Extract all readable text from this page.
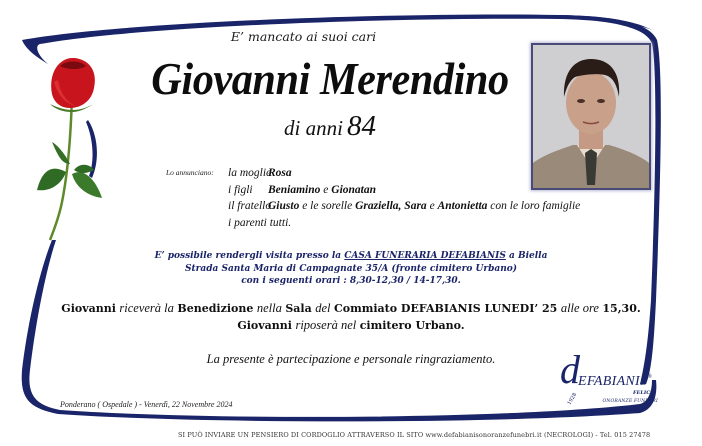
E’ mancato ai suoi cari
Giovanni Merendino
di anni 84
Lo annunciano:	la moglie
Rosa
i figli	Beniamino
e
Gionatan
il fratello
Giusto
e le sorelle
Graziella, Sara
e
Antonietta
con le loro famiglie
i parenti tutti.
E’ possibile rendergli visita presso la CASA FUNERARIA DEFABIANIS a Biella
Strada Santa Maria di Campagnate 35/A (fronte cimitero Urbano)
con i seguenti orari : 8,30-12,30 / 14-17,30.
Giovanni riceverà la Benedizione nella Sala del Commiato DEFABIANIS LUNEDI’ 25 alle ore 15,30.
Giovanni riposerà nel cimitero Urbano.
La presente è partecipazione e personale ringraziamento.
Ponderano ( Ospedale ) - Venerdì, 22 Novembre 2024
d
EFABIANIS®
FELICE
ONORANZE FUNEBRI
1928
SI PUÒ INVIARE UN PENSIERO DI CORDOGLIO ATTRAVERSO IL SITO www.defabianisonoranzefunebri.it (NECROLOGI) - Tel. 015 27478
